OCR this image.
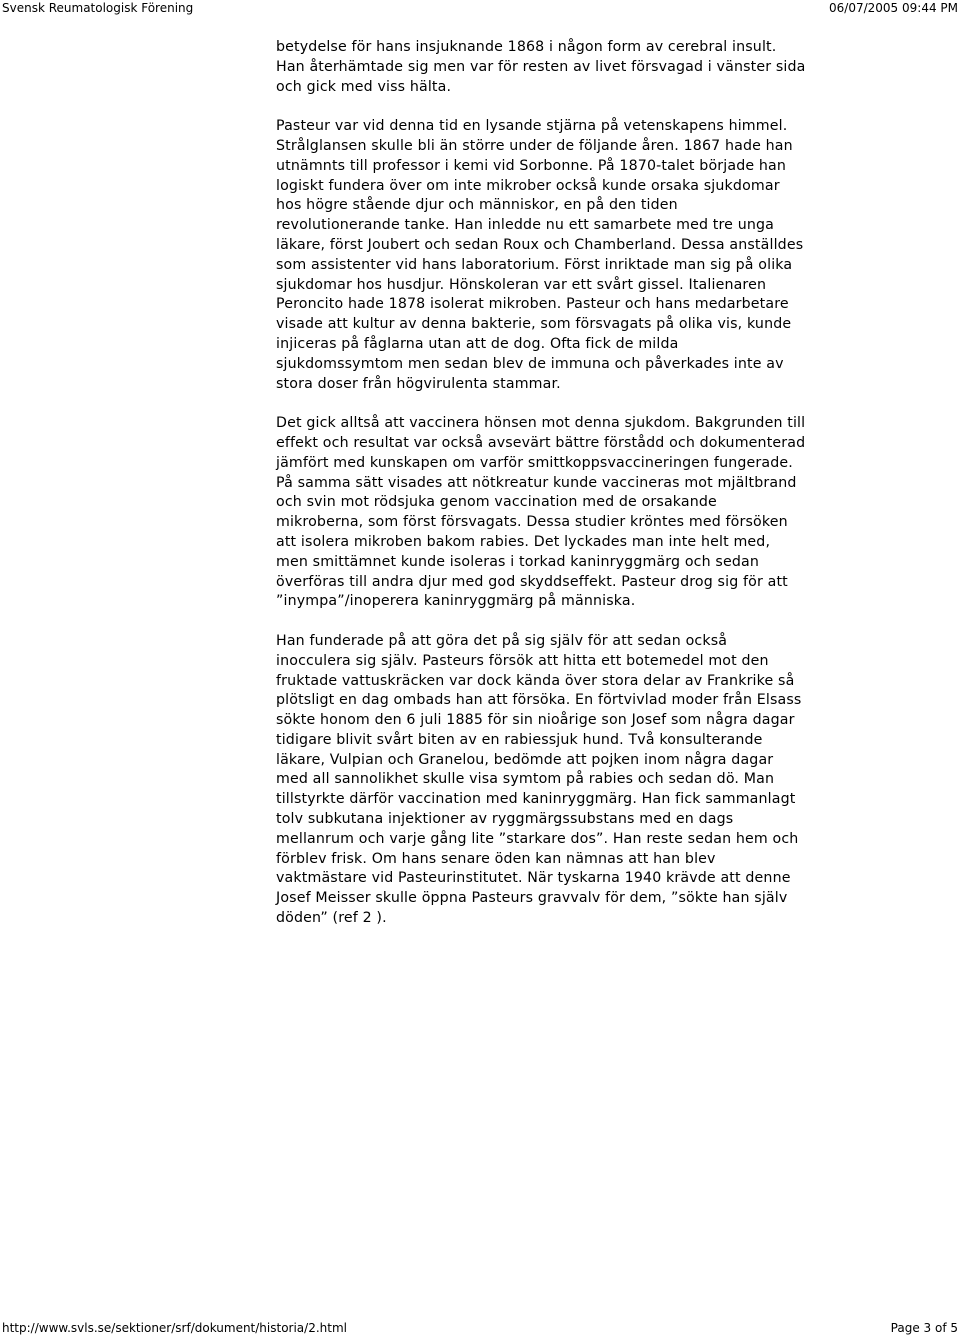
Svensk Reumatologisk Förening	06/07/2005 09:44 PM

betydelse för hans insjuknande 1868 i någon form av cerebral insult. Han återhämtade sig men var för resten av livet försvagad i vänster sida och gick med viss hälta.

Pasteur var vid denna tid en lysande stjärna på vetenskapens himmel. Strålglansen skulle bli än större under de följande åren. 1867 hade han utnämnts till professor i kemi vid Sorbonne. På 1870-talet började han logiskt fundera över om inte mikrober också kunde orsaka sjukdomar hos högre stående djur och människor, en på den tiden revolutionerande tanke. Han inledde nu ett samarbete med tre unga läkare, först Joubert och sedan Roux och Chamberland. Dessa anställdes som assistenter vid hans laboratorium. Först inriktade man sig på olika sjukdomar hos husdjur. Hönskoleran var ett svårt gissel. Italienaren Peroncito hade 1878 isolerat mikroben. Pasteur och hans medarbetare visade att kultur av denna bakterie, som försvagats på olika vis, kunde injiceras på fåglarna utan att de dog. Ofta fick de milda sjukdomssymtom men sedan blev de immuna och påverkades inte av stora doser från högvirulenta stammar.

Det gick alltså att vaccinera hönsen mot denna sjukdom. Bakgrunden till effekt och resultat var också avsevärt bättre förstådd och dokumenterad jämfört med kunskapen om varför smittkoppsvaccineringen fungerade. På samma sätt visades att nötkreatur kunde vaccineras mot mjältbrand och svin mot rödsjuka genom vaccination med de orsakande mikroberna, som först försvagats. Dessa studier kröntes med försöken att isolera mikroben bakom rabies. Det lyckades man inte helt med, men smittämnet kunde isoleras i torkad kaninryggmärg och sedan överföras till andra djur med god skyddseffekt. Pasteur drog sig för att ”inympa”/inoperera kaninryggmärg på människa.

Han funderade på att göra det på sig själv för att sedan också inocculera sig själv. Pasteurs försök att hitta ett botemedel mot den fruktade vattuskräcken var dock kända över stora delar av Frankrike så plötsligt en dag ombads han att försöka. En förtvivlad moder från Elsass sökte honom den 6 juli 1885 för sin nioårige son Josef som några dagar tidigare blivit svårt biten av en rabiessjuk hund. Två konsulterande läkare, Vulpian och Granelou, bedömde att pojken inom några dagar med all sannolikhet skulle visa symtom på rabies och sedan dö. Man tillstyrkte därför vaccination med kaninryggmärg. Han fick sammanlagt tolv subkutana injektioner av ryggmärgssubstans med en dags mellanrum och varje gång lite ”starkare dos”. Han reste sedan hem och förblev frisk. Om hans senare öden kan nämnas att han blev vaktmästare vid Pasteurinstitutet. När tyskarna 1940 krävde att denne Josef Meisser skulle öppna Pasteurs gravvalv för dem, ”sökte han själv döden” (ref 2 ).

http://www.svls.se/sektioner/srf/dokument/historia/2.html	Page 3 of 5
